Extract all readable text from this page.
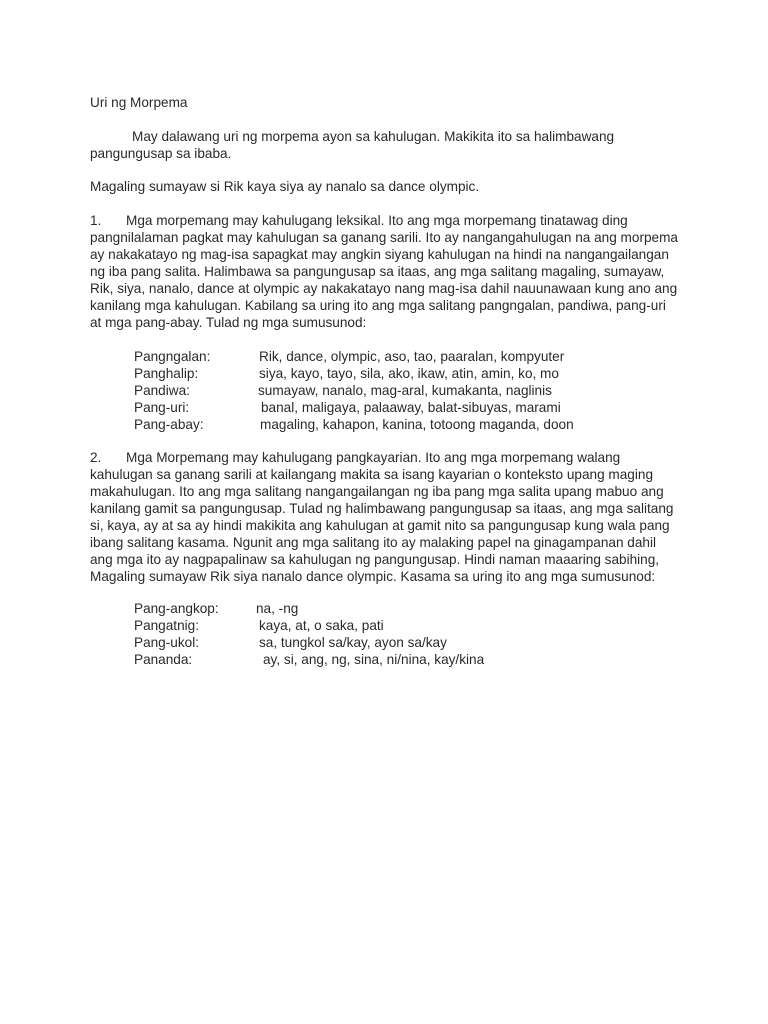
Uri ng Morpema

May dalawang uri ng morpema ayon sa kahulugan. Makikita ito sa halimbawang pangungusap sa ibaba.

Magaling sumayaw si Rik kaya siya ay nanalo sa dance olympic.

1. Mga morpemang may kahulugang leksikal. Ito ang mga morpemang tinatawag ding pangnilalaman pagkat may kahulugan sa ganang sarili. Ito ay nangangahulugan na ang morpema ay nakakatayo ng mag-isa sapagkat may angkin siyang kahulugan na hindi na nangangailangan ng iba pang salita. Halimbawa sa pangungusap sa itaas, ang mga salitang magaling, sumayaw, Rik, siya, nanalo, dance at olympic ay nakakatayo nang mag-isa dahil nauunawaan kung ano ang kanilang mga kahulugan. Kabilang sa uring ito ang mga salitang pangngalan, pandiwa, pang-uri at mga pang-abay. Tulad ng mga sumusunod:

Pangngalan:	Rik, dance, olympic, aso, tao, paaralan, kompyuter
Panghalip:	siya, kayo, tayo, sila, ako, ikaw, atin, amin, ko, mo
Pandiwa:	sumayaw, nanalo, mag-aral, kumakanta, naglinis
Pang-uri:	banal, maligaya, palaaway, balat-sibuyas, marami
Pang-abay:	magaling, kahapon, kanina, totoong maganda, doon

2. Mga Morpemang may kahulugang pangkayarian. Ito ang mga morpemang walang kahulugan sa ganang sarili at kailangang makita sa isang kayarian o konteksto upang maging makahulugan. Ito ang mga salitang nangangailangan ng iba pang mga salita upang mabuo ang kanilang gamit sa pangungusap. Tulad ng halimbawang pangungusap sa itaas, ang mga salitang si, kaya, ay at sa ay hindi makikita ang kahulugan at gamit nito sa pangungusap kung wala pang ibang salitang kasama. Ngunit ang mga salitang ito ay malaking papel na ginagampanan dahil ang mga ito ay nagpapalinaw sa kahulugan ng pangungusap. Hindi naman maaaring sabihing, Magaling sumayaw Rik siya nanalo dance olympic. Kasama sa uring ito ang mga sumusunod:

Pang-angkop:	na, -ng
Pangatnig:	kaya, at, o saka, pati
Pang-ukol:	sa, tungkol sa/kay, ayon sa/kay
Pananda:	ay, si, ang, ng, sina, ni/nina, kay/kina
